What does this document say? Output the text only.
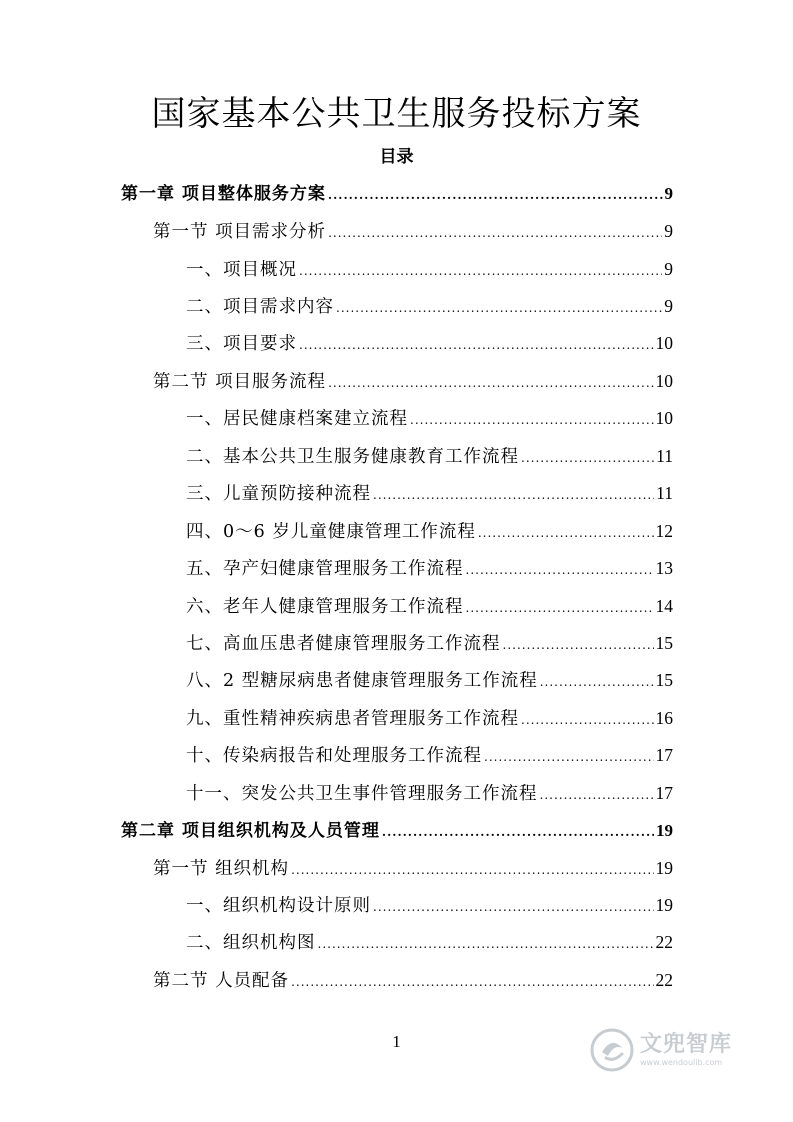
国家基本公共卫生服务投标方案
目录
第一章 项目整体服务方案 .....	9
第一节 项目需求分析 .....	9
一、项目概况 .....	9
二、项目需求内容 .....	9
三、项目要求 .....	10
第二节 项目服务流程 .....	10
一、居民健康档案建立流程 .....	10
二、基本公共卫生服务健康教育工作流程 .....	11
三、儿童预防接种流程 .....	11
四、0～6 岁儿童健康管理工作流程 .....	12
五、孕产妇健康管理服务工作流程 .....	13
六、老年人健康管理服务工作流程 .....	14
七、高血压患者健康管理服务工作流程 .....	15
八、2 型糖尿病患者健康管理服务工作流程 .....	15
九、重性精神疾病患者管理服务工作流程 .....	16
十、传染病报告和处理服务工作流程 .....	17
十一、突发公共卫生事件管理服务工作流程 .....	17
第二章 项目组织机构及人员管理 .....	19
第一节 组织机构 .....	19
一、组织机构设计原则 .....	19
二、组织机构图 .....	22
第二节 人员配备 .....	22
1	文兜智库
www.wendoulib.com
